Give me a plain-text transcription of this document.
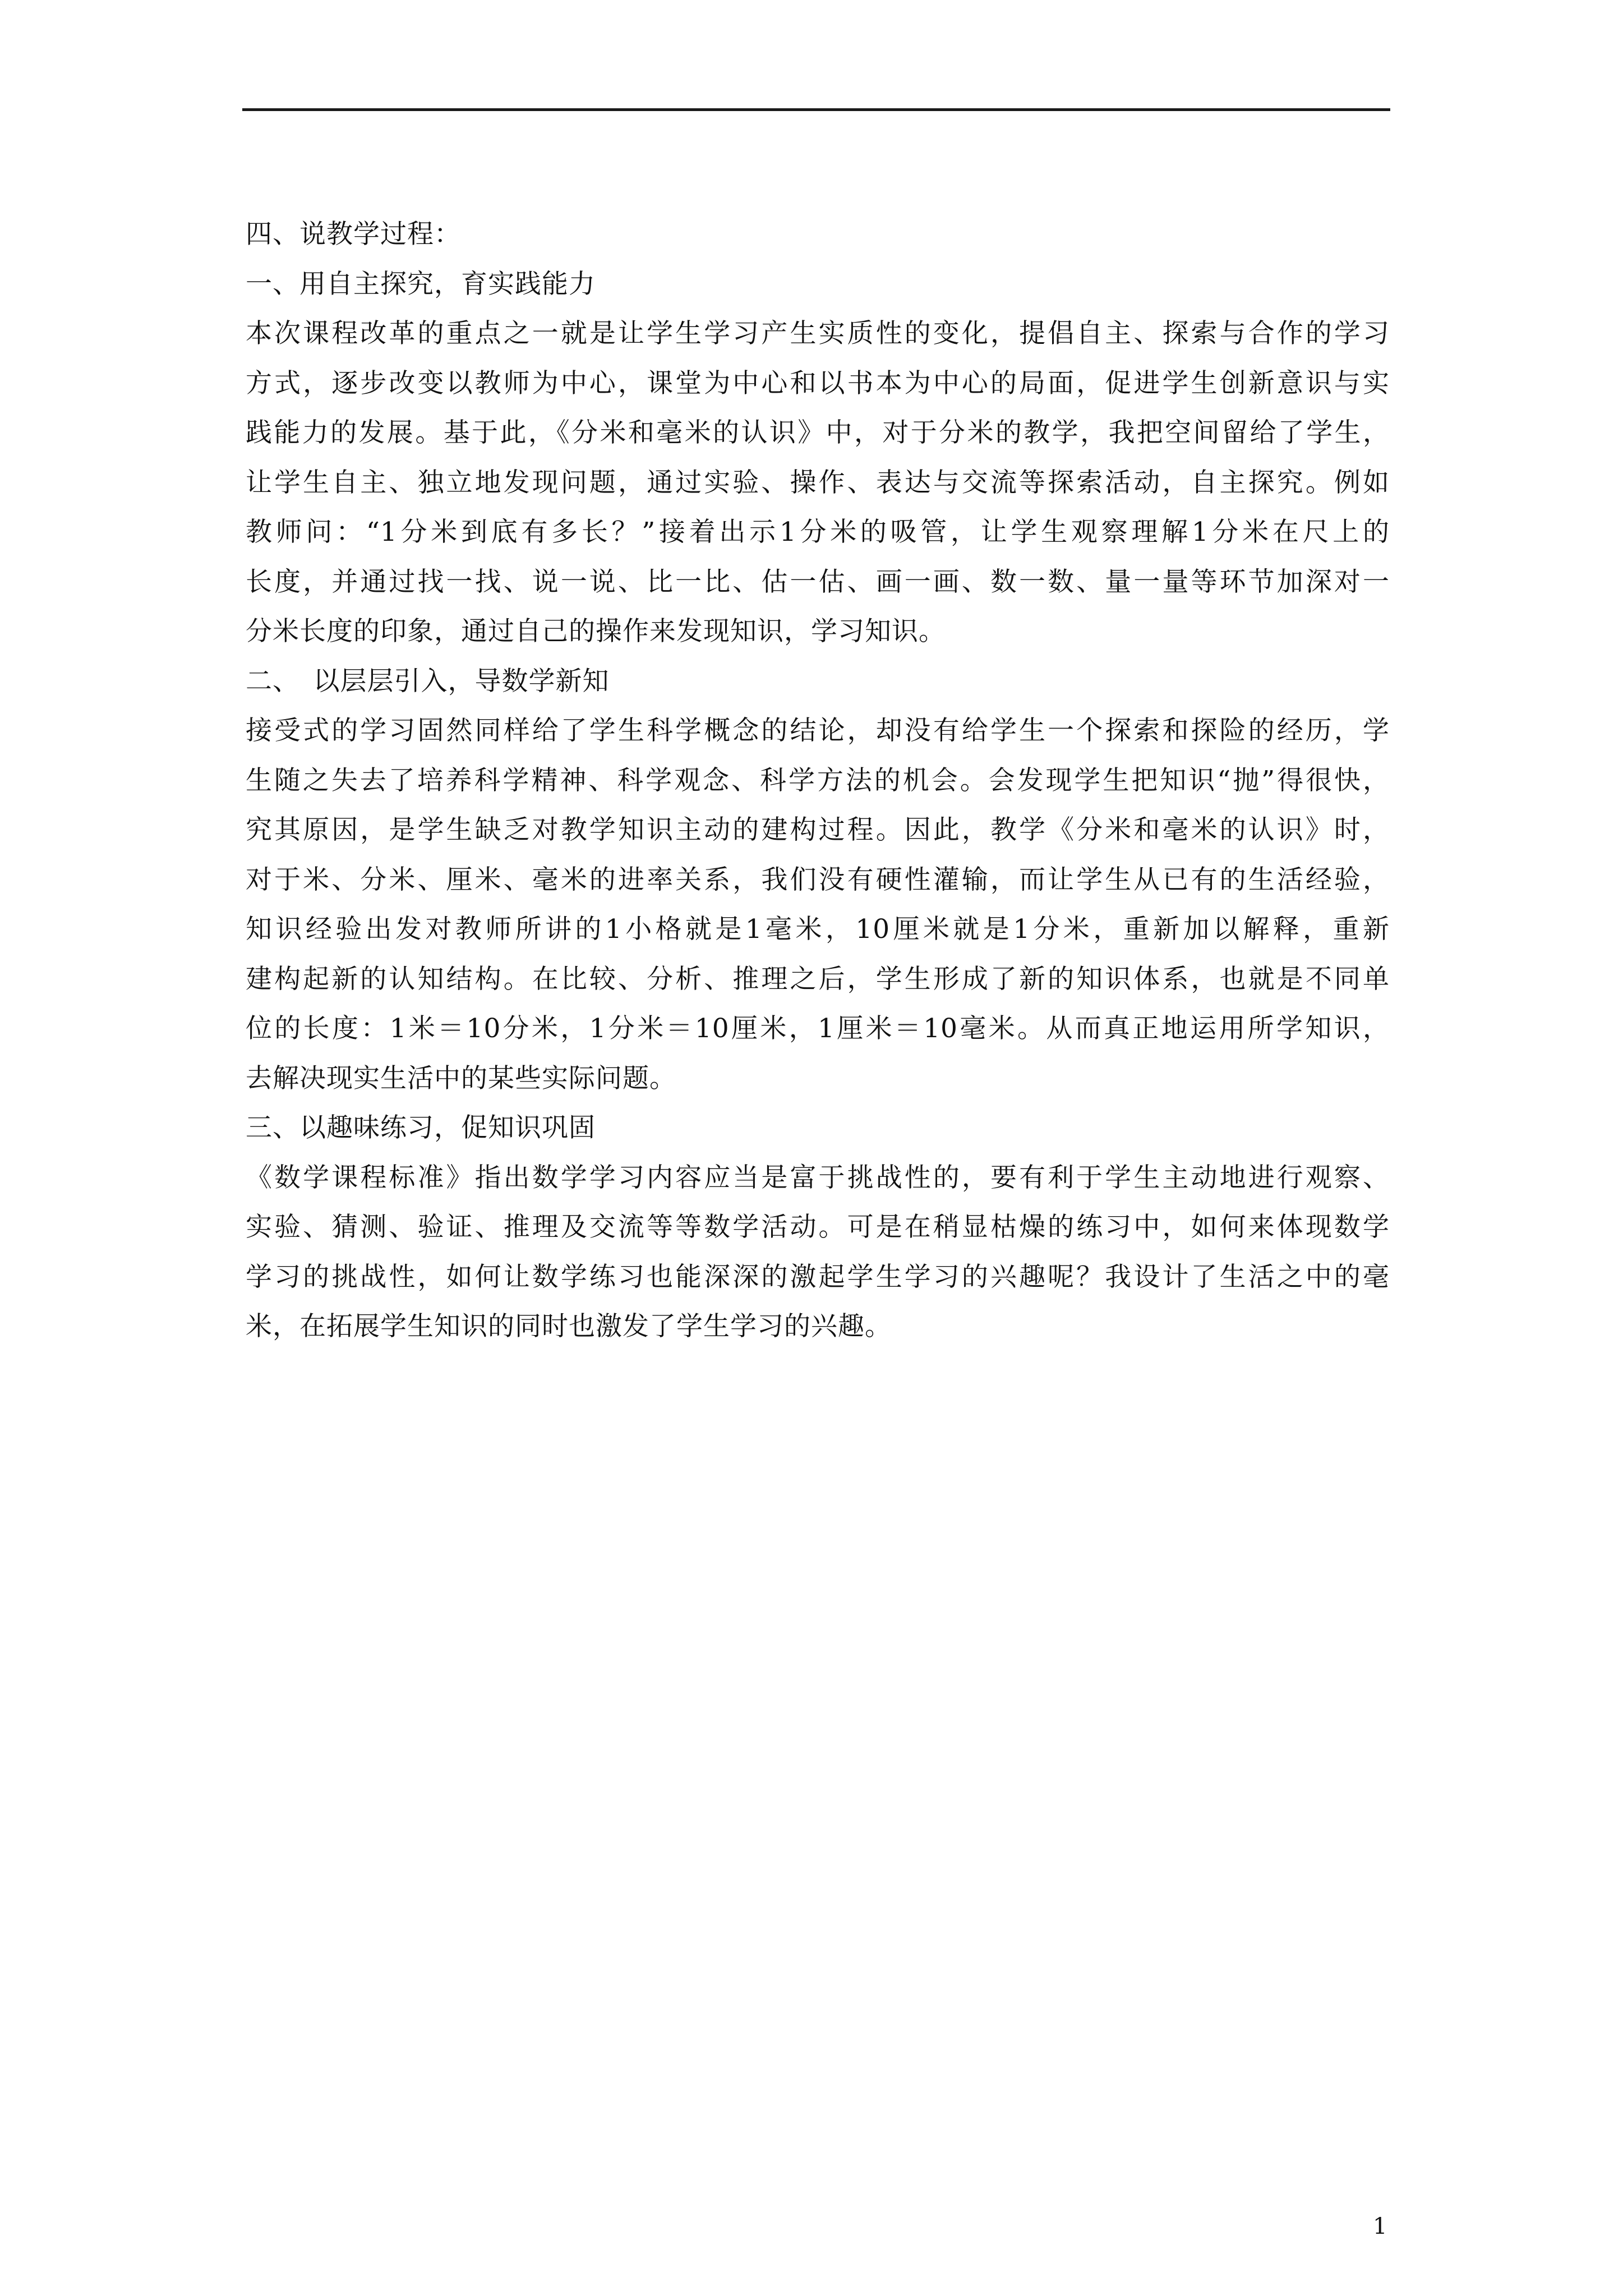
四、说教学过程：
一、用自主探究，育实践能力
本次课程改革的重点之一就是让学生学习产生实质性的变化，提倡自主、探索与合作的学习
方式，逐步改变以教师为中心，课堂为中心和以书本为中心的局面，促进学生创新意识与实
践能力的发展。基于此，《分米和毫米的认识》中，对于分米的教学，我把空间留给了学生，
让学生自主、独立地发现问题，通过实验、操作、表达与交流等探索活动，自主探究。例如
教师问：“1分米到底有多长？”接着出示1分米的吸管，让学生观察理解1分米在尺上的
长度，并通过找一找、说一说、比一比、估一估、画一画、数一数、量一量等环节加深对一
分米长度的印象，通过自己的操作来发现知识，学习知识。
二、　以层层引入，导数学新知
接受式的学习固然同样给了学生科学概念的结论，却没有给学生一个探索和探险的经历，学
生随之失去了培养科学精神、科学观念、科学方法的机会。会发现学生把知识“抛”得很快，
究其原因，是学生缺乏对教学知识主动的建构过程。因此，教学《分米和毫米的认识》时，
对于米、分米、厘米、毫米的进率关系，我们没有硬性灌输，而让学生从已有的生活经验，
知识经验出发对教师所讲的1小格就是1毫米，10厘米就是1分米，重新加以解释，重新
建构起新的认知结构。在比较、分析、推理之后，学生形成了新的知识体系，也就是不同单
位的长度：1米＝10分米，1分米＝10厘米，1厘米＝10毫米。从而真正地运用所学知识，
去解决现实生活中的某些实际问题。
三、以趣味练习，促知识巩固
《数学课程标准》指出数学学习内容应当是富于挑战性的，要有利于学生主动地进行观察、
实验、猜测、验证、推理及交流等等数学活动。可是在稍显枯燥的练习中，如何来体现数学
学习的挑战性，如何让数学练习也能深深的激起学生学习的兴趣呢？我设计了生活之中的毫
米，在拓展学生知识的同时也激发了学生学习的兴趣。
1
